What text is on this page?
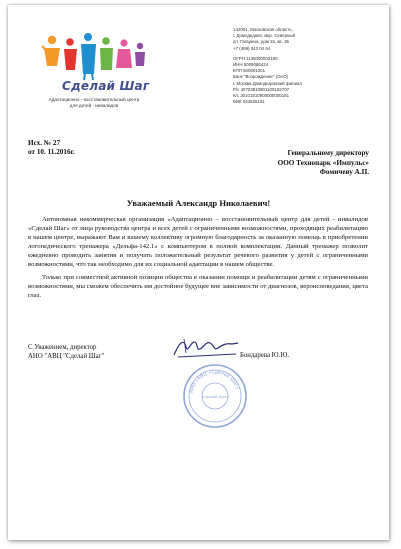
Сделай Шаг
Адаптационно - восстановительный центр
для детей - инвалидов
142001, Московская область,
г. Домодедово, мкр. Северный
ул. Гагарина, дом 15, кв. 35
+7 (499) 343 04 64
ОГРН 1135000002180
ИНН 5009086424
КПП 500901001
Банк "Возрождение" (ОАО)
г. Москва Домодедовский филиал
Р/с 40703810801100162707
К/с 30101810900000000181
БИК 044525181
Исх. № 27
от 10. 11.2016г.	Генеральному директору
ООО Технопарк «Импульс»
Фомичеву А.П.
Уважаемый Александр Николаевич!

Автономная некоммерческая организация «Адаптационно – восстановительный центр для детей - инвалидов «Сделай Шаг» от лица руководства центра и всех детей с ограниченными возможностями, проходящих реабилитацию в нашем центре, выражают Вам и вашему коллективу огромную благодарность за оказанную помощь в приобретении логопедического тренажера «Дельфа-142.1» с компьютером в полной комплектации. Данный тренажер позволит ежедневно проводить занятия и получать положительный результат речевого развития у детей с ограниченными возможностями, что так необходимо для их социальной адаптации в нашем обществе.

Только при совместной активной позиции общества в оказании помощи и реабилитации детям с ограниченными возможностями, мы сможем обеспечить им достойное будущее вне зависимости от диагнозов, вероисповедания, цвета глаз.

С Уважением, директор
АНО "АВЦ "Сделай Шаг"	Бондарева Ю.Ю.
АНО «АВЦ «Сделай Шаг»
«Сделай Шаг»
